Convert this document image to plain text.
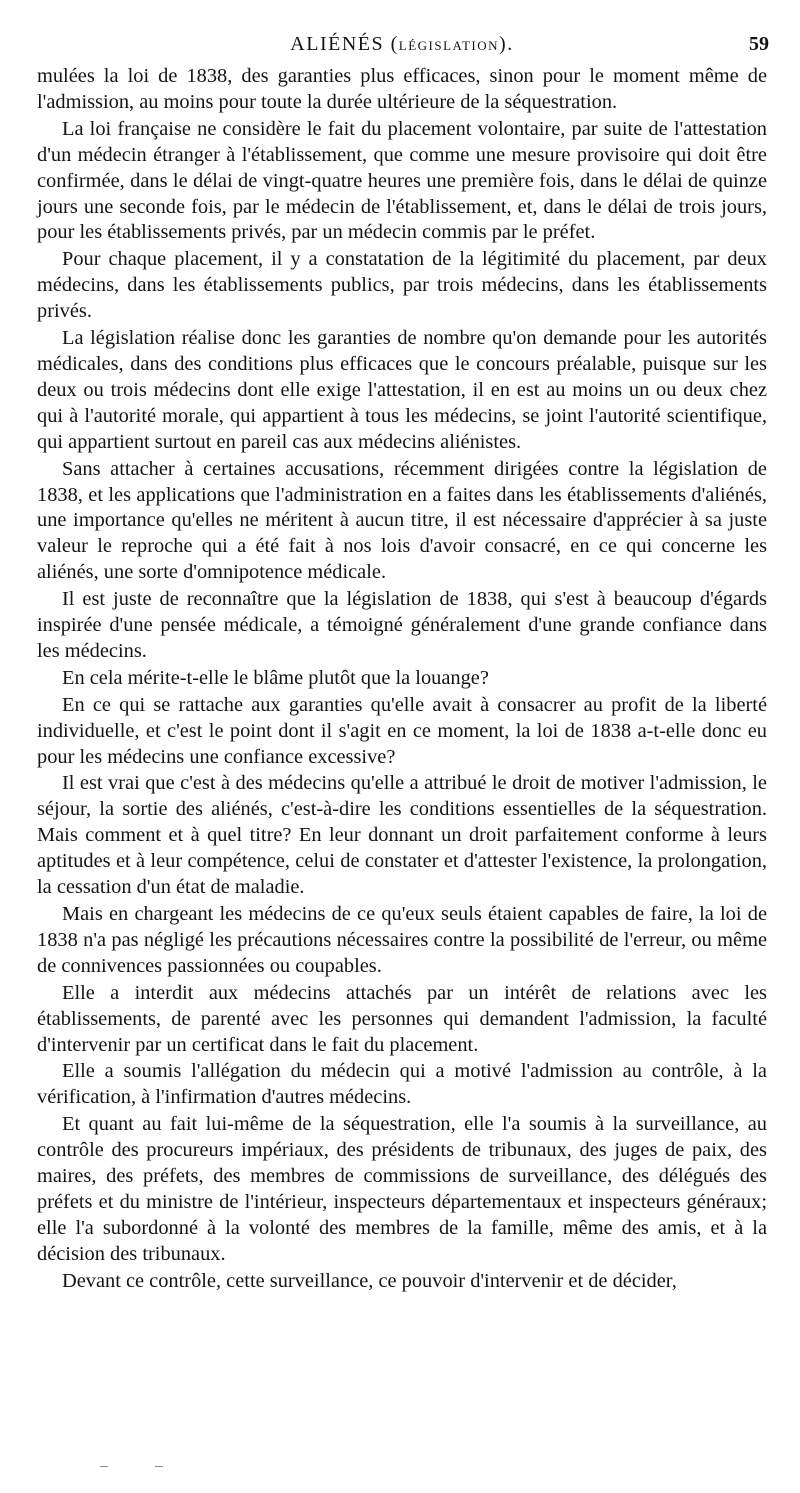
ALIÉNÉS (LÉGISLATION).	59

mulées la loi de 1838, des garanties plus efficaces, sinon pour le moment même de l'admission, au moins pour toute la durée ultérieure de la séquestration.

La loi française ne considère le fait du placement volontaire, par suite de l'attestation d'un médecin étranger à l'établissement, que comme une mesure provisoire qui doit être confirmée, dans le délai de vingt-quatre heures une première fois, dans le délai de quinze jours une seconde fois, par le médecin de l'établissement, et, dans le délai de trois jours, pour les établissements privés, par un médecin commis par le préfet.

Pour chaque placement, il y a constatation de la légitimité du placement, par deux médecins, dans les établissements publics, par trois médecins, dans les établissements privés.

La législation réalise donc les garanties de nombre qu'on demande pour les autorités médicales, dans des conditions plus efficaces que le concours préalable, puisque sur les deux ou trois médecins dont elle exige l'attestation, il en est au moins un ou deux chez qui à l'autorité morale, qui appartient à tous les médecins, se joint l'autorité scientifique, qui appartient surtout en pareil cas aux médecins aliénistes.

Sans attacher à certaines accusations, récemment dirigées contre la législation de 1838, et les applications que l'administration en a faites dans les établissements d'aliénés, une importance qu'elles ne méritent à aucun titre, il est nécessaire d'apprécier à sa juste valeur le reproche qui a été fait à nos lois d'avoir consacré, en ce qui concerne les aliénés, une sorte d'omnipotence médicale.

Il est juste de reconnaître que la législation de 1838, qui s'est à beaucoup d'égards inspirée d'une pensée médicale, a témoigné généralement d'une grande confiance dans les médecins.

En cela mérite-t-elle le blâme plutôt que la louange?

En ce qui se rattache aux garanties qu'elle avait à consacrer au profit de la liberté individuelle, et c'est le point dont il s'agit en ce moment, la loi de 1838 a-t-elle donc eu pour les médecins une confiance excessive?

Il est vrai que c'est à des médecins qu'elle a attribué le droit de motiver l'admission, le séjour, la sortie des aliénés, c'est-à-dire les conditions essentielles de la séquestration. Mais comment et à quel titre? En leur donnant un droit parfaitement conforme à leurs aptitudes et à leur compétence, celui de constater et d'attester l'existence, la prolongation, la cessation d'un état de maladie.

Mais en chargeant les médecins de ce qu'eux seuls étaient capables de faire, la loi de 1838 n'a pas négligé les précautions nécessaires contre la possibilité de l'erreur, ou même de connivences passionnées ou coupables.

Elle a interdit aux médecins attachés par un intérêt de relations avec les établissements, de parenté avec les personnes qui demandent l'admission, la faculté d'intervenir par un certificat dans le fait du placement.

Elle a soumis l'allégation du médecin qui a motivé l'admission au contrôle, à la vérification, à l'infirmation d'autres médecins.

Et quant au fait lui-même de la séquestration, elle l'a soumis à la surveillance, au contrôle des procureurs impériaux, des présidents de tribunaux, des juges de paix, des maires, des préfets, des membres de commissions de surveillance, des délégués des préfets et du ministre de l'intérieur, inspecteurs départementaux et inspecteurs généraux; elle l'a subordonné à la volonté des membres de la famille, même des amis, et à la décision des tribunaux.

Devant ce contrôle, cette surveillance, ce pouvoir d'intervenir et de décider,
